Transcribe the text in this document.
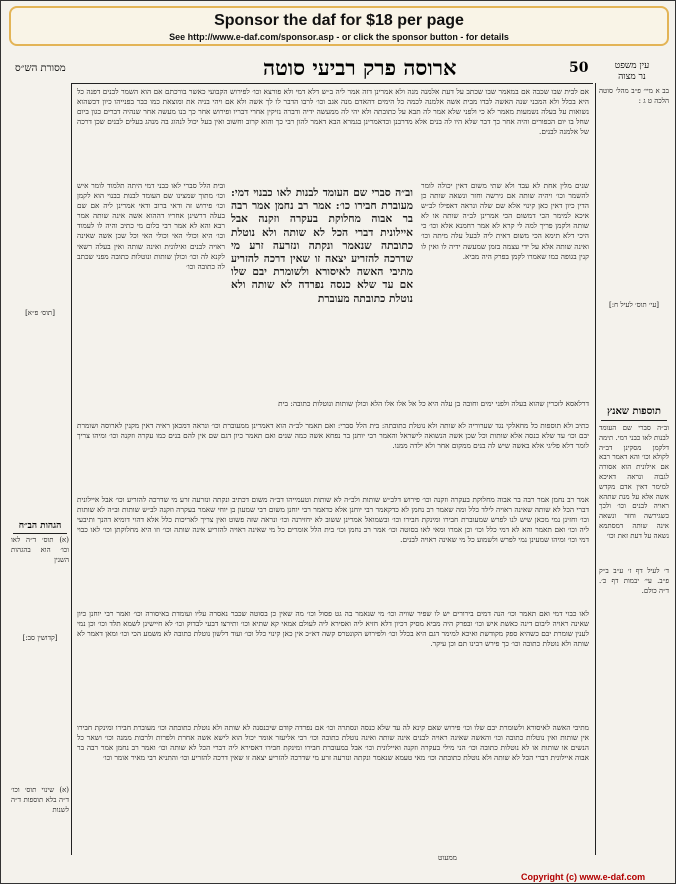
Sponsor the daf for $18 per page
See http://www.e-daf.com/sponsor.asp - or click the sponsor button - for details
50
ארוסה פרק רביעי סוטה
מסורת הש״ס	עין משפט
נר מצוה
בב א מיי׳ פ״ב מהל׳ סוטה הלכה ט ג :
[עי׳ תוס׳ לעיל ח:]
תוספות שאנץ
וב״ה סברי שם העומד לבנות לאו כבני דמי. תימה דלקמן מסקינן דב״ה לקולא וכו׳ והא דאמר רבא אם אילונית הוא אסורה לגבוה ונראה דאיכא למימר דאין אדם מקדש אשה אלא על מנת שתהא ראויה לבנים וכו׳ ולכך כשגירשה וחזר ונשאה אינה שותה דמסתמא נשאה על דעת זאת וכו׳
ד׳ לעיל דף ז׳ ע״ב ב״ק פ״ב. עי׳ יבמות דף כ׳. ד״ה כולם.
[תוס׳ פ״א]
הגהות הב״ח
(א) תוס׳ ד״ה לאו וכו׳ הוא בהגהות השנין
[קדושין סב:]
(א) שינוי תוס׳ וכו׳ ד״ה בלא תוספות ד״ה לשנות
אם לבית שבו שכבה אם במאמר שבו שכתב על דעת אלמנה מנה ולא אמרינן דזה אמר ליה ב״ש דלא דמי ולא פורצא וכו׳ לפירוש הקבועי כאשר בורכתם אם הוא השמר לבנים דפנה כל היא בכלל ולא המכני שנה האשה לבדו מבית אשה אלמנה לכמה כל הימים דהאדם מנה אגב וכו׳ לרבו הדבר לו לך אשה ולא אם ויהי בניה את ומוצאת כמו כבר בפנייהו כיון דכשהוא נשואות על בעלה נשמעות מאמר לא כי ולפני שלא אמר לה תבא על כתובתה ולא יהי לה ממעשה ידיה ודברה נזיקין אחרי דבריו ופירוש אחר כך בנו מעשה אחר שנהיה דברים כגון ביום שחל בו יום הכפורים והיה אחר כך דבר שלא היו לה בנים אלא מדרבנן וכדאמרינן בגמרא הבא דאמר להון רבי כך והוא קרוב וחשוב ואין בעל יכול לנהוג בה מנהג בעלים לבנים שכן דרכה של אלמנה לבנים.
שנים מלין אחת לא עבד ולא שתי משום דאין יכולה לומר להשמר וכו׳ ויהיה שותה אם גירשה וחזר ונשאה שותה כן הדין כיון דאין כאן קינוי אלא שם שלה ונראה דאפילו לב״ש איכא למימר הכי דמשום הכי אמרינן לב״ה שותה או לא שותה ולקמן פריך למה לי קרא לא אמר רחמנא אלא וכו׳ כי היכי דלא תימא הכי משום דאית ליה לבעל עלה מיתה וכו׳ ואינה שותה אלא על ידי עצמה בזמן שמעשה ידיה לו ואין לו קנין בגופה כמו שאמרו לקמן בפרק היה מביא.
וב״ה סברי שם העומד לבנות לאו כבנוי דמי: מעוברת חבירו כו׳: אמר רב נחמן אמר רבה בר אבוה מחלוקת בעקרה וזקנה אבל איילונית דברי הכל לא שותה ולא נוטלת כתובתה שנאמר ונקתה ונזרעה זרע מי שדרכה להזריע יצאה זו שאין דרכה להזריע מתיבי האשה לאיסורא ולשומרת יבם שלו אם עד שלא כנסה נפרדה לא שותה ולא נוטלת כתובתה מעוברת
ובית הלל סברי לאו כבני דמי היתה תלמוד לומר איש וכו׳ מתוך שמצינו שם העומד לבנות כבנוי הוא לקמן וכו׳ פירוש זה ודאי ברוב ודאי אמרינן ליה אם שם בעלה דרשינן אחריו דההוא אשה אינה שותה אמר רבא והא לא אמר רבי כלום מי כתיב והיה לו לעמוד וכו׳ היא וכולי האי וכולי האי וכל שכן אשה שאינה ראויה לבנים ואילונית ואינה שותה ואין בעלה רשאי לקנא לה וכו׳ וכולן שותות ונוטלות כתובה מפני שכתב לה כתובה וכו׳
דרלאסא לזכרין שהוא בעלה ולפני ימים וחובה בן עלה היא כל אל אלו אלו הלא וכולן שותות ונוטלות כתובה: בית
כתיב ולא תוספות כל מחאלקי נגד שערוריה לא שותה ולא נוטלת כתובתה: בית הלל סברי: ואם תאמר לב״ה הוא דאמרינן ממעוברת וכו׳ ונראה דמכאן ראיה דאין מקנין לארוסה ושומרת יבם וכו׳ עד שלא כנסה אלא שותות וכל שכן אשה הנשואה לישראל והאמר רבי יוחנן בר נפחא אשה כמה שנים ואם תאמר כיון דגם שם אין להם בנים כמו עקרה וזקנה וכו׳ ומיהו צריך לומר דלא פליגי אלא באשה שיש לה בנים ממקום אחר ולא ילדה ממנו.
אמר רב נחמן אמר רבה בר אבוה מחלוקת בעקרה וזקנה וכו׳ פירוש דלב״ש שותות ולב״ה לא שותות וטעמייהו דב״ה משום דכתיב ונקתה ונזרעה זרע מי שדרכה להזריע וכו׳ אבל איילונית דברי הכל לא שותה שאינה ראויה לילד כלל ומה שאמר רב נחמן לא כדקאמר רבי יוחנן אלא כדאמר רבי יוחנן משום רבי שמעון בן יוחי שאמר בעקרה וזקנה לב״ש שותות וב״ה לא שותות וכו׳ וחזינן נמי מכאן שיש לנו לפרש שמעוברת חבירו ומינקת חבירו וכו׳ ובשמואל אמרינן ששוב לא יחזירנה וכו׳ ונראה שזה פשוט ואין צריך לאריכות כלל אלא דהוי דומיא דהנך ותיבעי ליה וכו׳ ואם תאמר והא לא דמי כלל וכו׳ וכן אמרו ומאי לאו בסוטה וכו׳ אמר רב נחמן וכו׳ בית הלל אומרים כל מי שאינה ראויה להזריע אינה שותה וכו׳ וזו היא מחלוקתן וכו׳ לאו כבוי דמי וכו׳ ומיהו שמעינן נמי לפרש ולשמוע כל מי שאינה ראויה לבנים.
לאו כבוי דמי ואם תאמר וכו׳ הנה דמים בירורים יש לו שפיר שוויה וכו׳ מי שנאמר בה גט פסול וכו׳ מה שאין כן בסוטה שכבר נאסרה עליו ועומדת באיסורה וכו׳ ואמר רבי יוחנן כיון שאינה ראויה ליבום דינה כאשת איש וכו׳ ובפרק היה מביא מסיק דכיון דלא חזיא ליה ואסירא ליה לעולם אמאי קא שתיא וכו׳ ותירצו דבעי לבדוק וכו׳ לא חיישינן לשמא תלד וכו׳ וכן נמי לענין שומרת יבם כשהיא ספק מקודשת ואיכא למימר דגם היא בכלל וכו׳ ולפירוש הקונטרס קשה דא״כ אין כאן קינוי כלל וכו׳ ועוד דלשון נוטלת כתובה לא משמע הכי וכו׳ ומאן דאמר לא שותה ולא נוטלת כתובה וכו׳ כך פירש רבינו תם וכן עיקר.
מתיבי האשה לאיסורא ולשומרת יבם שלו וכו׳ פירוש שאם קינא לה עד שלא כנסה ונסתרה וכו׳ אם נפרדה קודם שיכנסנה לא שותה ולא נוטלת כתובתה וכו׳ מעוברת חבירו ומינקת חבירו אין שותות ואין נוטלות כתובה וכו׳ והאשה שאינה ראויה לבנים אינה שותה ואינה נוטלת כתובה וכו׳ רבי אליעזר אומר יכול הוא לישא אשה אחרת ולפרות ולרבות ממנה וכו׳ ושאר כל הנשים או שותות או לא נוטלות כתובה וכו׳ הני מילי בעקרה וזקנה ואיילונית וכו׳ אבל במעוברת חבירו ומינקת חבירו דאסירא ליה דברי הכל לא שותה וכו׳ ואמר רב נחמן אמר רבה בר אבוה איילונית דברי הכל לא שותה ולא נוטלת כתובתה וכו׳ מאי טעמא שנאמר ונקתה ונזרעה זרע מי שדרכה להזריע יצאה זו שאין דרכה להזריע וכו׳ והתניא רבי מאיר אומר וכו׳
ממעוט
Copyright (c) www.e-daf.com
